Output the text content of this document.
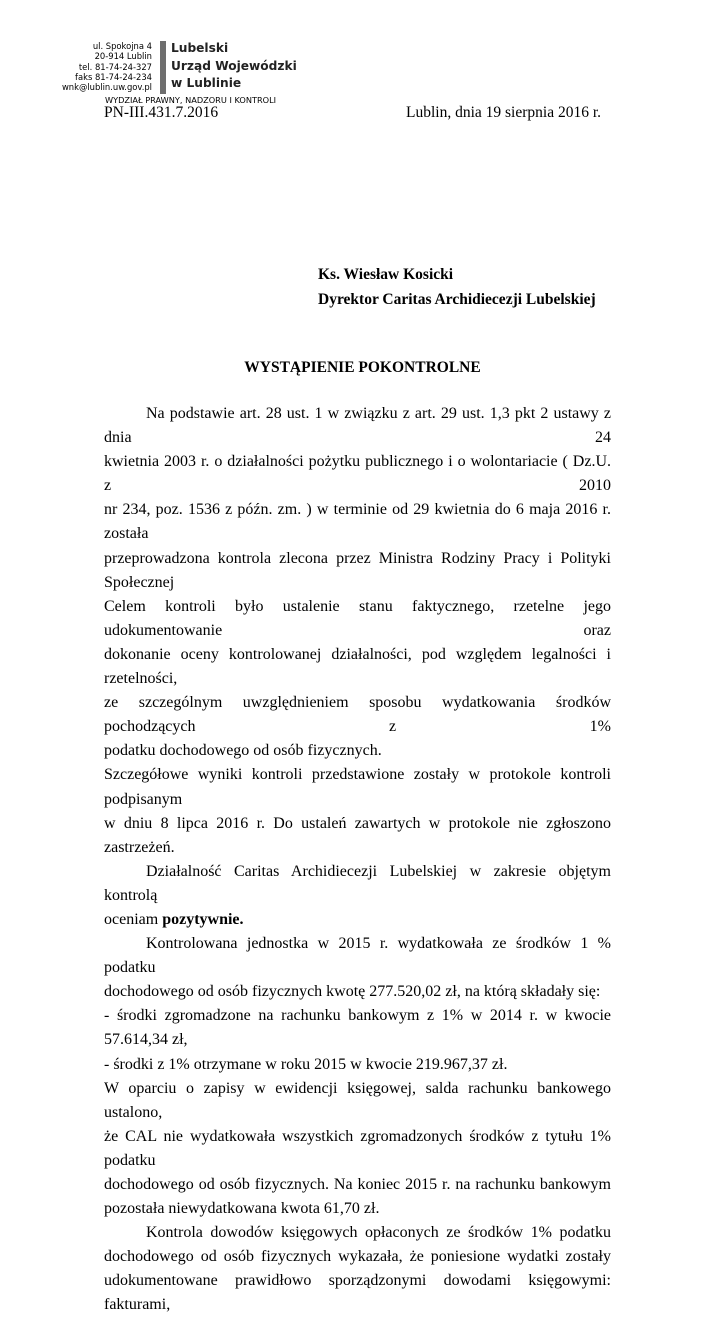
ul. Spokojna 4
20-914 Lublin
tel. 81-74-24-327
faks 81-74-24-234
wnk@lublin.uw.gov.pl
Lubelski
Urząd Wojewódzki
w Lublinie
WYDZIAŁ PRAWNY, NADZORU I KONTROLI
PN-III.431.7.2016	Lublin, dnia 19 sierpnia 2016 r.
Ks. Wiesław Kosicki
Dyrektor Caritas Archidiecezji Lubelskiej
WYSTĄPIENIE POKONTROLNE

Na podstawie art. 28 ust. 1 w związku z art. 29 ust. 1,3 pkt 2 ustawy z dnia 24

kwietnia 2003 r. o działalności pożytku publicznego i o wolontariacie ( Dz.U. z 2010

nr 234, poz. 1536 z późn. zm. ) w terminie od 29 kwietnia do 6 maja 2016 r. została

przeprowadzona kontrola zlecona przez Ministra Rodziny Pracy i Polityki Społecznej

Celem kontroli było ustalenie stanu faktycznego, rzetelne jego udokumentowanie oraz

dokonanie oceny kontrolowanej działalności, pod względem legalności i rzetelności,

ze szczególnym uwzględnieniem sposobu wydatkowania środków pochodzących z 1%

podatku dochodowego od osób fizycznych.

Szczegółowe wyniki kontroli przedstawione zostały w protokole kontroli podpisanym

w dniu 8 lipca 2016 r. Do ustaleń zawartych w protokole nie zgłoszono zastrzeżeń.

Działalność Caritas Archidiecezji Lubelskiej w zakresie objętym kontrolą

oceniam pozytywnie.

Kontrolowana jednostka w 2015 r. wydatkowała ze środków 1 % podatku

dochodowego od osób fizycznych kwotę 277.520,02 zł, na którą składały się:

- środki zgromadzone na rachunku bankowym z 1% w 2014 r. w kwocie 57.614,34 zł,

- środki z 1% otrzymane w roku 2015 w kwocie 219.967,37 zł.

W oparciu o zapisy w ewidencji księgowej, salda rachunku bankowego ustalono,

że CAL nie wydatkowała wszystkich zgromadzonych środków z tytułu 1% podatku

dochodowego od osób fizycznych. Na koniec 2015 r. na rachunku bankowym

pozostała niewydatkowana kwota 61,70 zł.

Kontrola dowodów księgowych opłaconych ze środków 1% podatku

dochodowego od osób fizycznych wykazała, że poniesione wydatki zostały

udokumentowane prawidłowo sporządzonymi dowodami księgowymi: fakturami,
